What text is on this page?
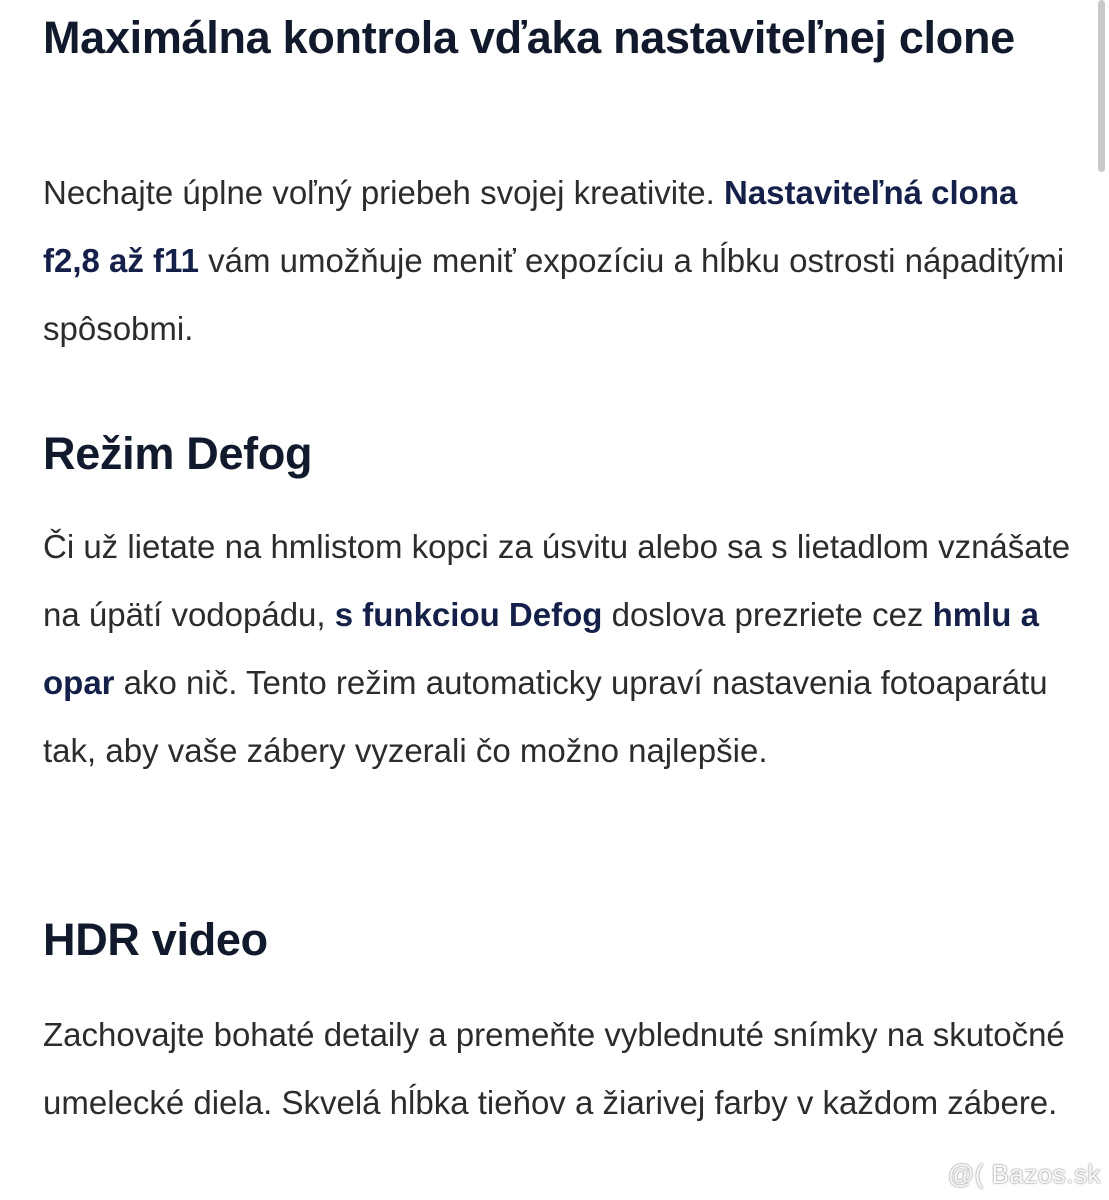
Maximálna kontrola vďaka nastaviteľnej clone

Nechajte úplne voľný priebeh svojej kreativite. Nastaviteľná clona f2,8 až f11 vám umožňuje meniť expozíciu a hĺbku ostrosti nápaditými spôsobmi.

Režim Defog

Či už lietate na hmlistom kopci za úsvitu alebo sa s lietadlom vznášate na úpätí vodopádu, s funkciou Defog doslova prezriete cez hmlu a opar ako nič. Tento režim automaticky upraví nastavenia fotoaparátu tak, aby vaše zábery vyzerali čo možno najlepšie.

HDR video

Zachovajte bohaté detaily a premeňte vyblednuté snímky na skutočné umelecké diela. Skvelá hĺbka tieňov a žiarivej farby v každom zábere.

@( Bazos.sk
